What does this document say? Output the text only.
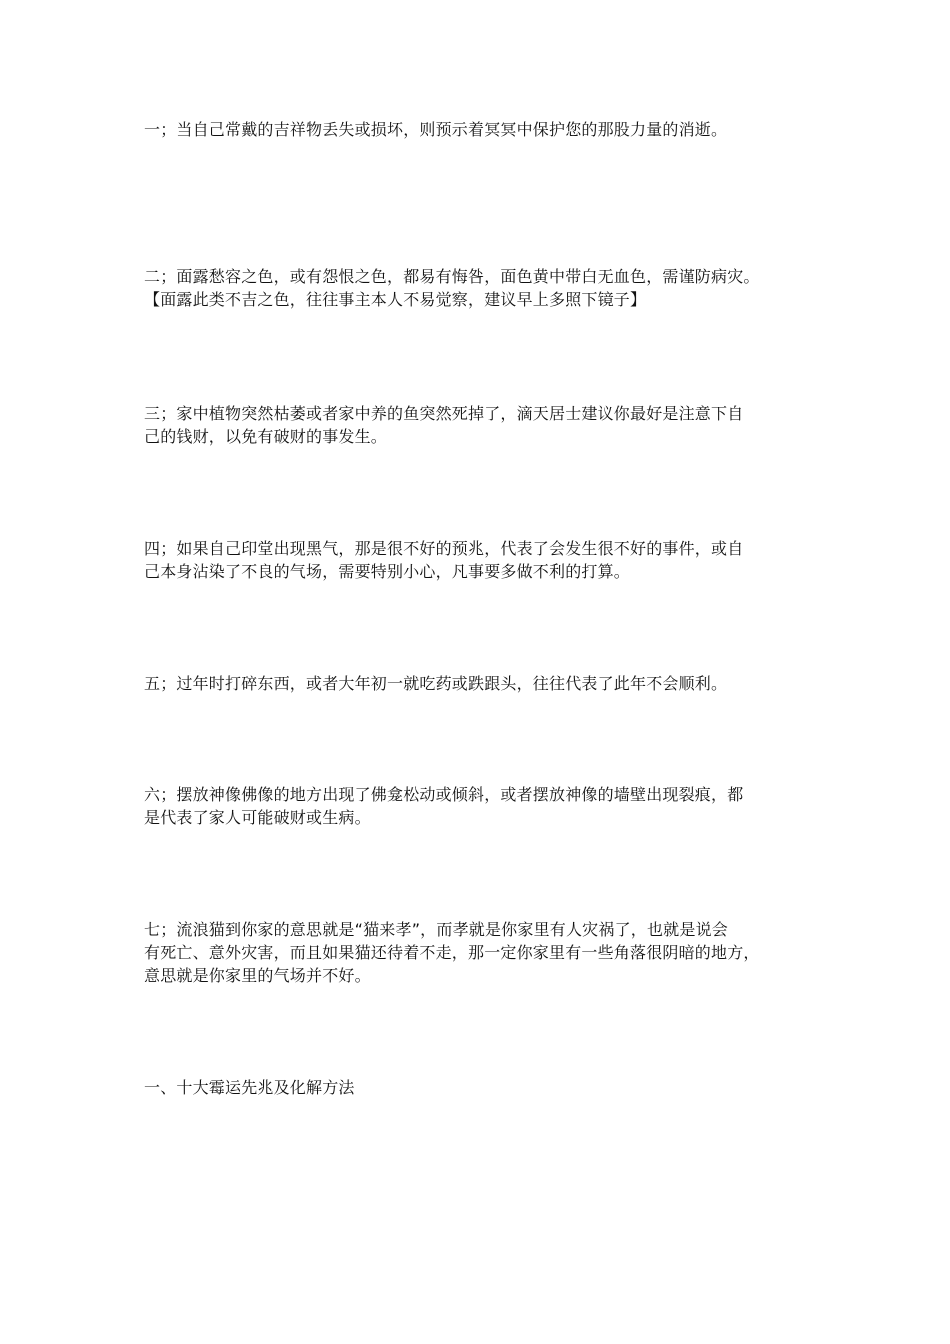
一；当自己常戴的吉祥物丢失或损坏，则预示着冥冥中保护您的那股力量的消逝。

二；面露愁容之色，或有怨恨之色，都易有悔咎，面色黄中带白无血色，需谨防病灾。
【面露此类不吉之色，往往事主本人不易觉察，建议早上多照下镜子】

三；家中植物突然枯萎或者家中养的鱼突然死掉了，滴天居士建议你最好是注意下自
己的钱财，以免有破财的事发生。

四；如果自己印堂出现黑气，那是很不好的预兆，代表了会发生很不好的事件，或自
己本身沾染了不良的气场，需要特别小心，凡事要多做不利的打算。

五；过年时打碎东西，或者大年初一就吃药或跌跟头，往往代表了此年不会顺利。

六；摆放神像佛像的地方出现了佛龛松动或倾斜，或者摆放神像的墙壁出现裂痕，都
是代表了家人可能破财或生病。

七；流浪猫到你家的意思就是“猫来孝”，而孝就是你家里有人灾祸了，也就是说会
有死亡、意外灾害，而且如果猫还待着不走，那一定你家里有一些角落很阴暗的地方，
意思就是你家里的气场并不好。

一、十大霉运先兆及化解方法
